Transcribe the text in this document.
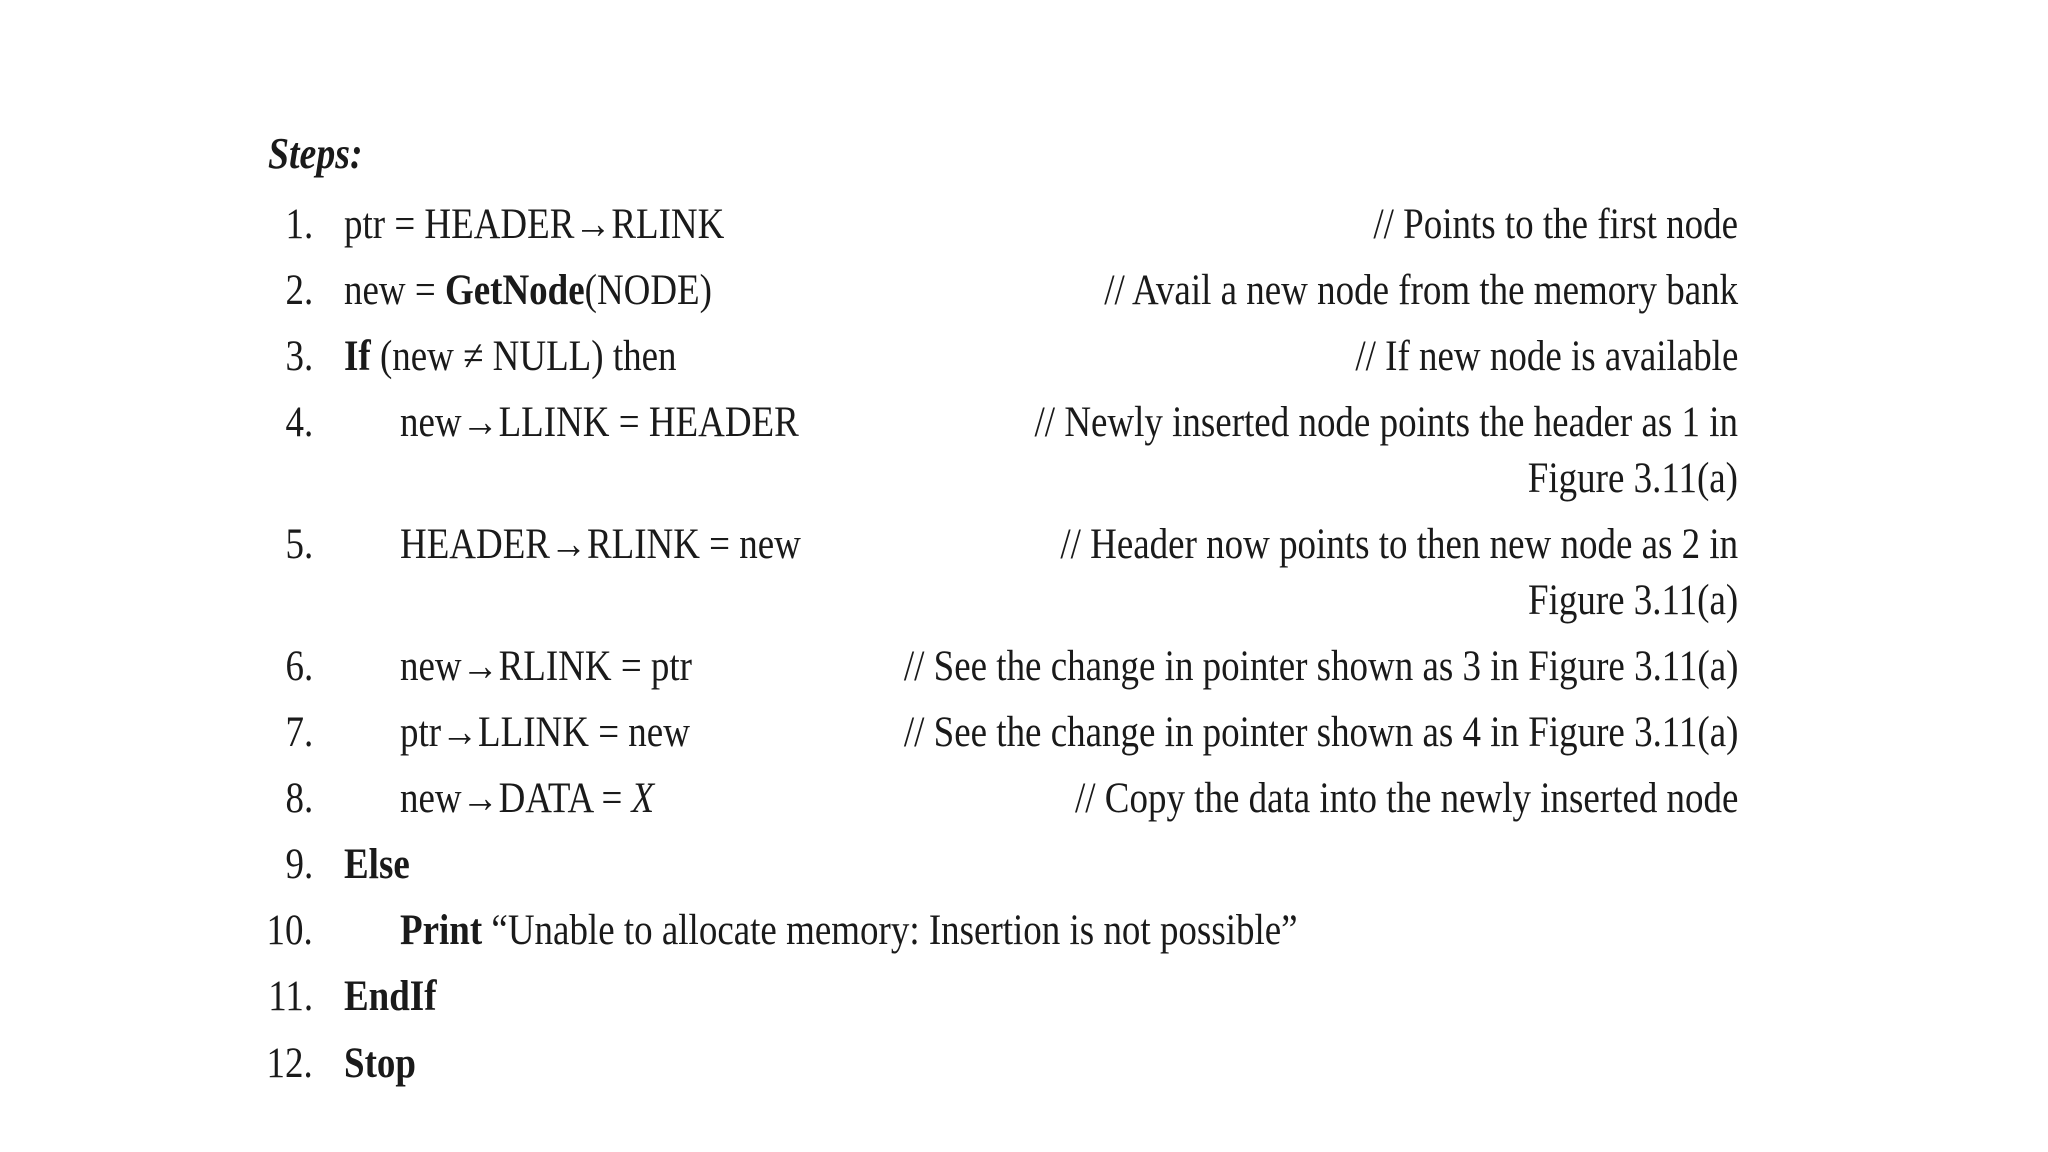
Steps:
1. ptr = HEADER→RLINK	// Points to the first node
2. new = GetNode(NODE)	// Avail a new node from the memory bank
3. If (new ≠ NULL) then	// If new node is available
4. new→LLINK = HEADER	// Newly inserted node points the header as 1 in
Figure 3.11(a)
5. HEADER→RLINK = new	// Header now points to then new node as 2 in
Figure 3.11(a)
6. new→RLINK = ptr	// See the change in pointer shown as 3 in Figure 3.11(a)
7. ptr→LLINK = new	// See the change in pointer shown as 4 in Figure 3.11(a)
8. new→DATA = X	// Copy the data into the newly inserted node
9. Else
10. Print “Unable to allocate memory: Insertion is not possible”
11. EndIf
12. Stop
